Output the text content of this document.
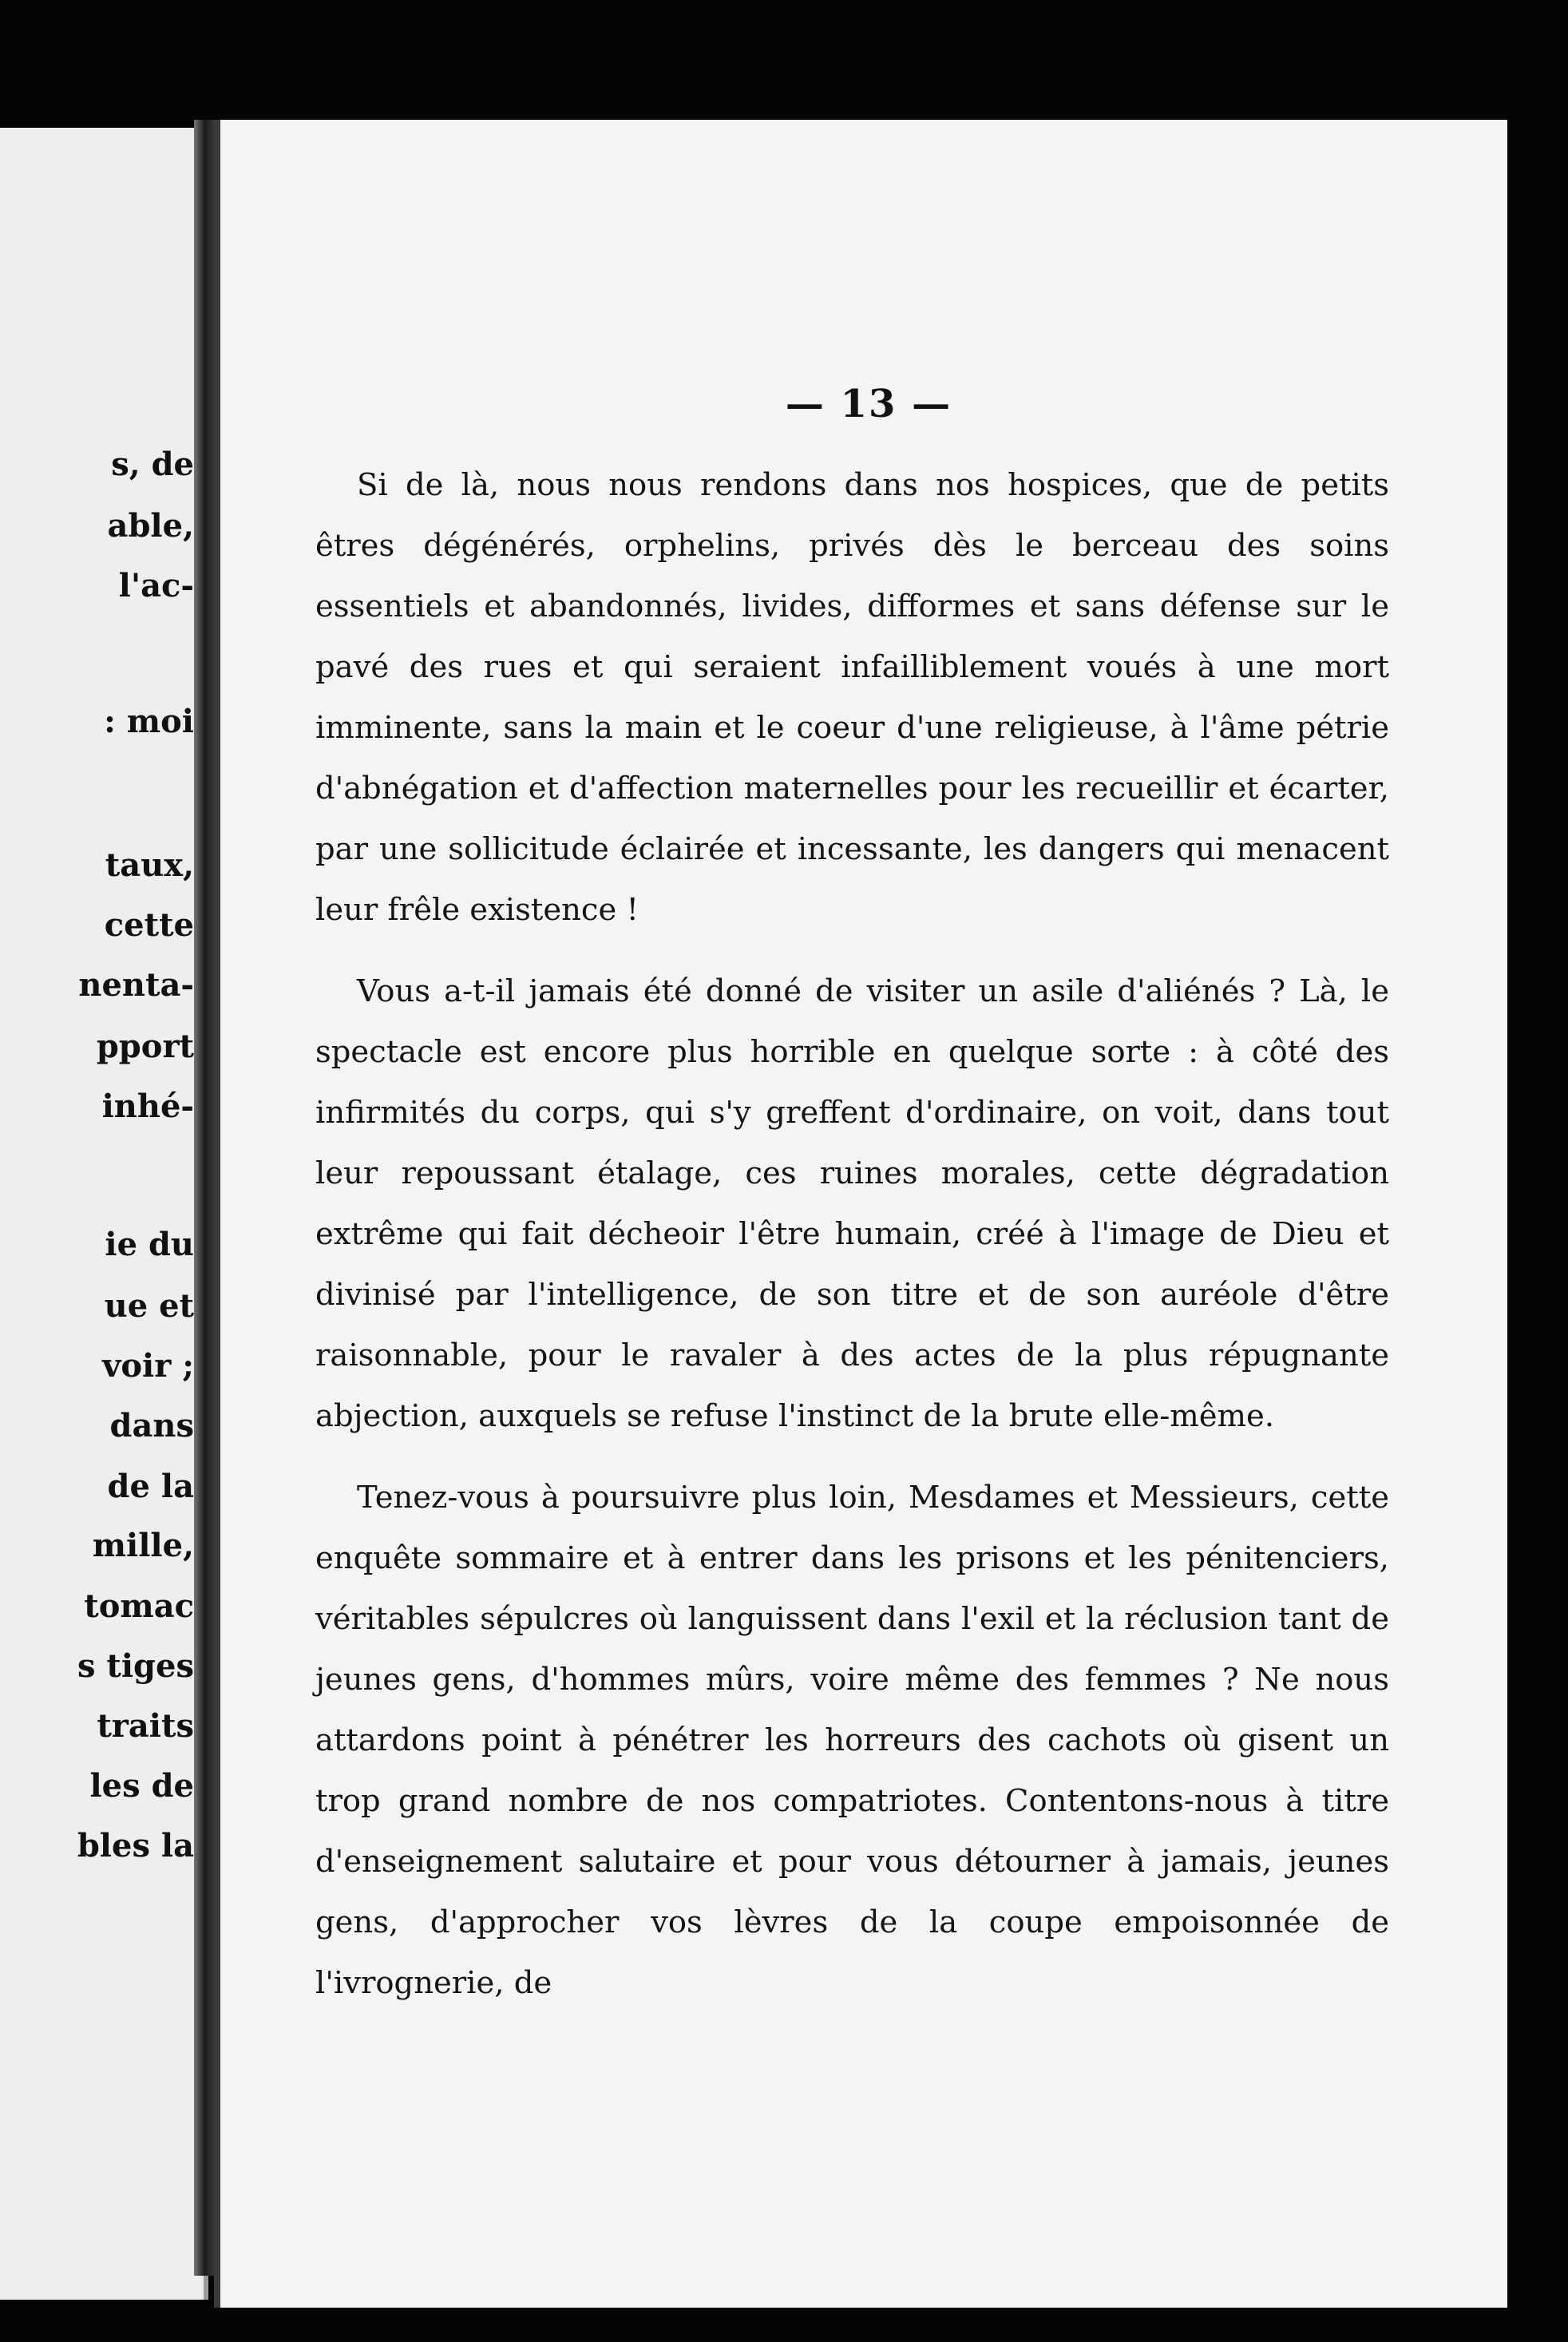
s, de
able,
l'ac-
: moi
taux,
cette
nenta-
pport
inhé-
ie du
ue et
voir ;
dans
de la
mille,
tomac
s tiges
traits
les de
bles la
— 13 —

Si de là, nous nous rendons dans nos hospices, que de petits êtres dégénérés, orphelins, privés dès le berceau des soins essentiels et abandonnés, livides, difformes et sans défense sur le pavé des rues et qui seraient infailliblement voués à une mort imminente, sans la main et le coeur d'une religieuse, à l'âme pétrie d'abnégation et d'affection maternelles pour les recueillir et écarter, par une sollicitude éclairée et incessante, les dangers qui menacent leur frêle existence !

Vous a-t-il jamais été donné de visiter un asile d'aliénés ? Là, le spectacle est encore plus horrible en quelque sorte : à côté des infirmités du corps, qui s'y greffent d'ordinaire, on voit, dans tout leur repoussant étalage, ces ruines morales, cette dégradation extrême qui fait décheoir l'être humain, créé à l'image de Dieu et divinisé par l'intelligence, de son titre et de son auréole d'être raisonnable, pour le ravaler à des actes de la plus répugnante abjection, auxquels se refuse l'instinct de la brute elle-même.

Tenez-vous à poursuivre plus loin, Mesdames et Messieurs, cette enquête sommaire et à entrer dans les prisons et les pénitenciers, véritables sépulcres où languissent dans l'exil et la réclusion tant de jeunes gens, d'hommes mûrs, voire même des femmes ? Ne nous attardons point à pénétrer les horreurs des cachots où gisent un trop grand nombre de nos compatriotes. Contentons-nous à titre d'enseignement salutaire et pour vous détourner à jamais, jeunes gens, d'approcher vos lèvres de la coupe empoisonnée de l'ivrognerie, de
